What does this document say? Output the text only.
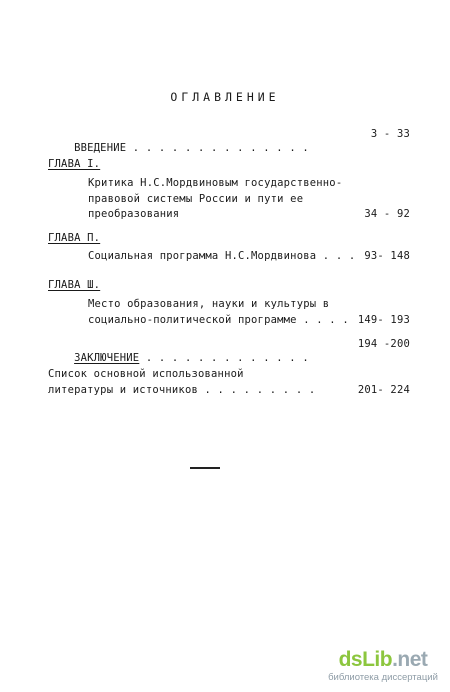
ОГЛАВЛЕНИЕ

ВВЕДЕНИЕ . . . . . . . . . . . . . .

3 - 33
ГЛАВА I.
Критика Н.С.Мордвиновым государственно-
правовой системы России и пути ее
преобразования	34 - 92
ГЛАВА П.
Социальная программа Н.С.Мордвинова . . . 93- 148
ГЛАВА Ш.
Место образования, науки и культуры в
социально-политической программе . . . . 149- 193

ЗАКЛЮЧЕНИЕ . . . . . . . . . . . . .

194 -200
Список основной использованной
литературы и источников . . . . . . . . .	201- 224
dsLib.net
библиотека диссертаций
